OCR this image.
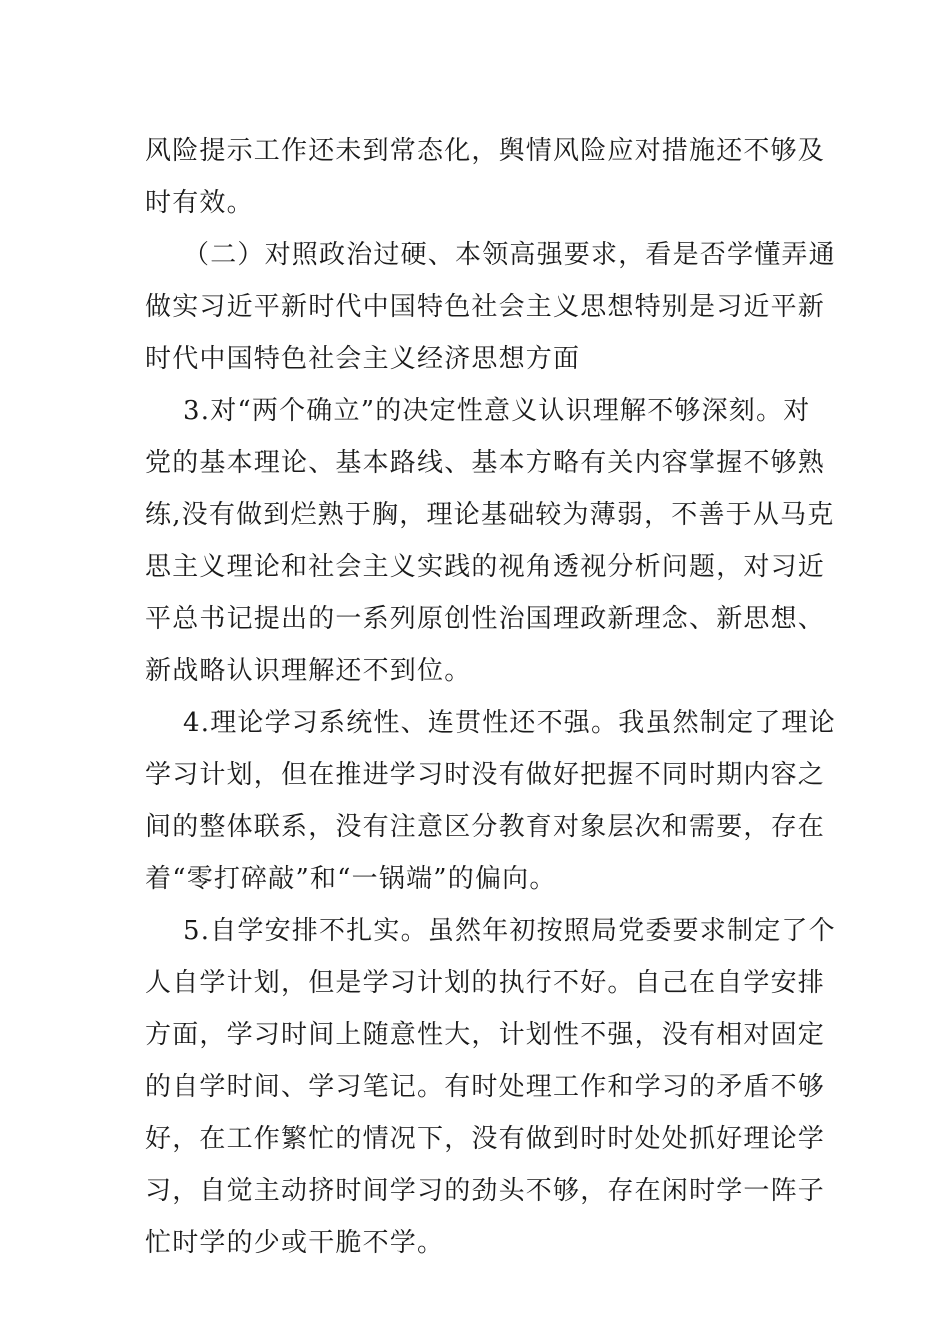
风险提示工作还未到常态化，舆情风险应对措施还不够及
时有效。
（二）对照政治过硬、本领高强要求，看是否学懂弄通
做实习近平新时代中国特色社会主义思想特别是习近平新
时代中国特色社会主义经济思想方面
3.对“两个确立”的决定性意义认识理解不够深刻。对
党的基本理论、基本路线、基本方略有关内容掌握不够熟
练,没有做到烂熟于胸，理论基础较为薄弱，不善于从马克
思主义理论和社会主义实践的视角透视分析问题，对习近
平总书记提出的一系列原创性治国理政新理念、新思想、
新战略认识理解还不到位。
4.理论学习系统性、连贯性还不强。我虽然制定了理论
学习计划，但在推进学习时没有做好把握不同时期内容之
间的整体联系，没有注意区分教育对象层次和需要，存在
着“零打碎敲”和“一锅端”的偏向。
5.自学安排不扎实。虽然年初按照局党委要求制定了个
人自学计划，但是学习计划的执行不好。自己在自学安排
方面，学习时间上随意性大，计划性不强，没有相对固定
的自学时间、学习笔记。有时处理工作和学习的矛盾不够
好，在工作繁忙的情况下，没有做到时时处处抓好理论学
习，自觉主动挤时间学习的劲头不够，存在闲时学一阵子
忙时学的少或干脆不学。
